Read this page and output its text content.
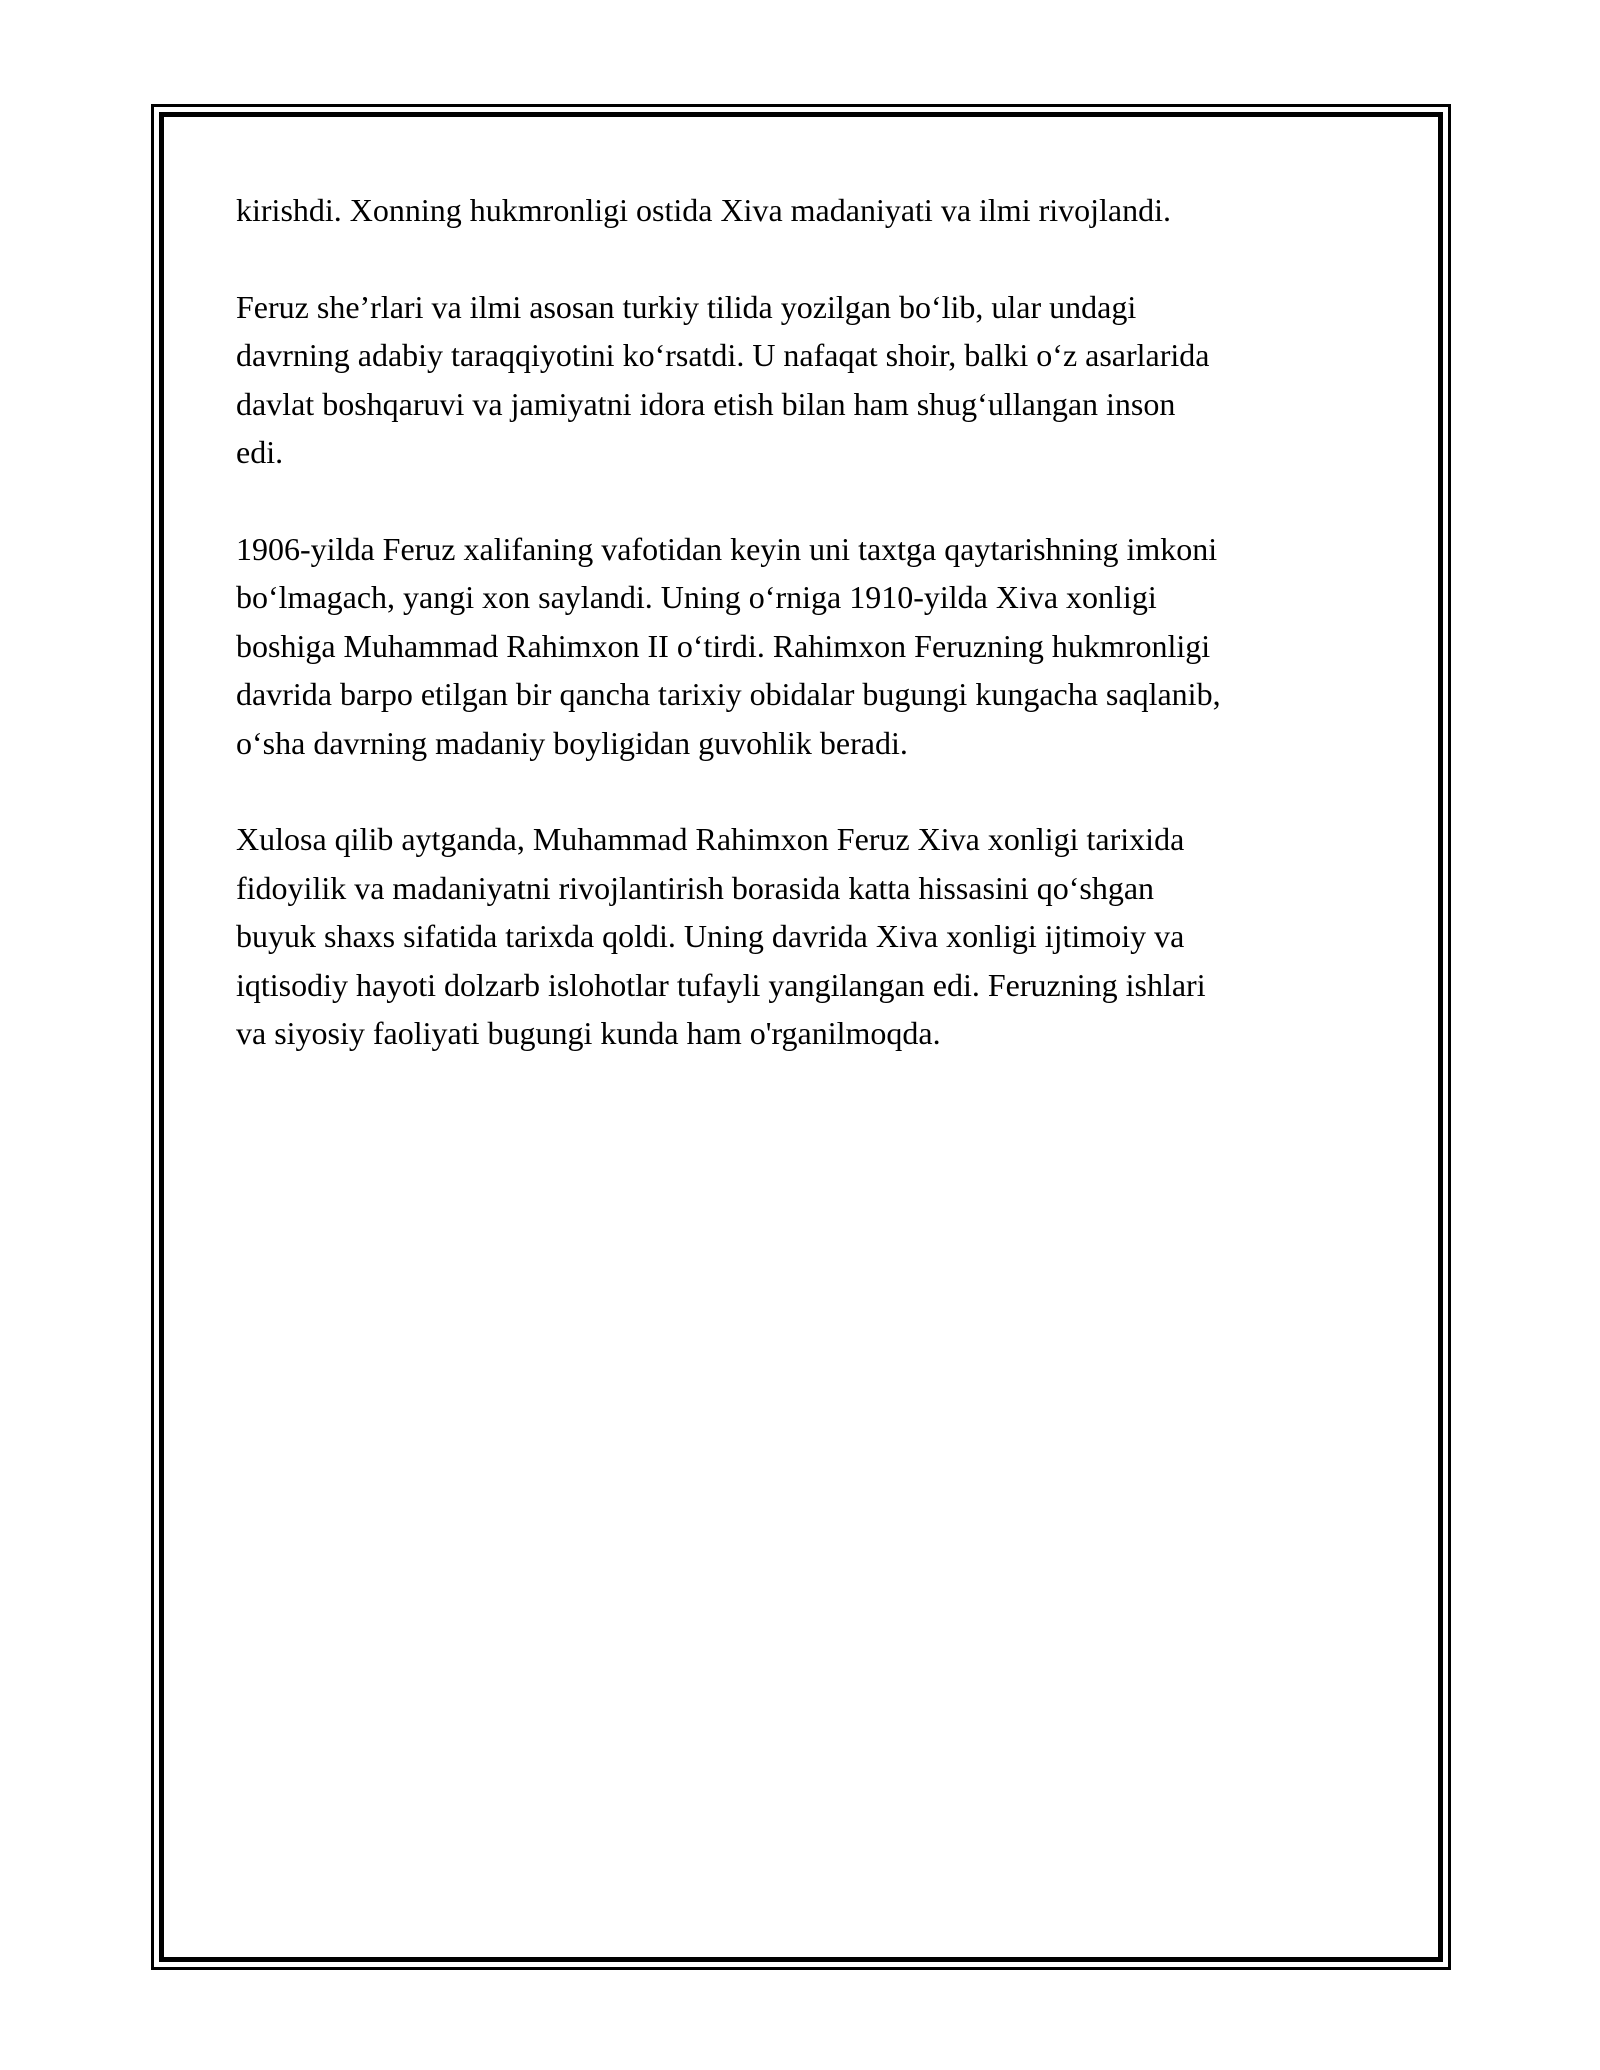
kirishdi. Xonning hukmronligi ostida Xiva madaniyati va ilmi rivojlandi.

Feruz she’rlari va ilmi asosan turkiy tilida yozilgan bo‘lib, ular undagi
davrning adabiy taraqqiyotini ko‘rsatdi. U nafaqat shoir, balki o‘z asarlarida
davlat boshqaruvi va jamiyatni idora etish bilan ham shug‘ullangan inson
edi.

1906-yilda Feruz xalifaning vafotidan keyin uni taxtga qaytarishning imkoni
bo‘lmagach, yangi xon saylandi. Uning o‘rniga 1910-yilda Xiva xonligi
boshiga Muhammad Rahimxon II o‘tirdi. Rahimxon Feruzning hukmronligi
davrida barpo etilgan bir qancha tarixiy obidalar bugungi kungacha saqlanib,
o‘sha davrning madaniy boyligidan guvohlik beradi.

Xulosa qilib aytganda, Muhammad Rahimxon Feruz Xiva xonligi tarixida
fidoyilik va madaniyatni rivojlantirish borasida katta hissasini qo‘shgan
buyuk shaxs sifatida tarixda qoldi. Uning davrida Xiva xonligi ijtimoiy va
iqtisodiy hayoti dolzarb islohotlar tufayli yangilangan edi. Feruzning ishlari
va siyosiy faoliyati bugungi kunda ham o'rganilmoqda.
